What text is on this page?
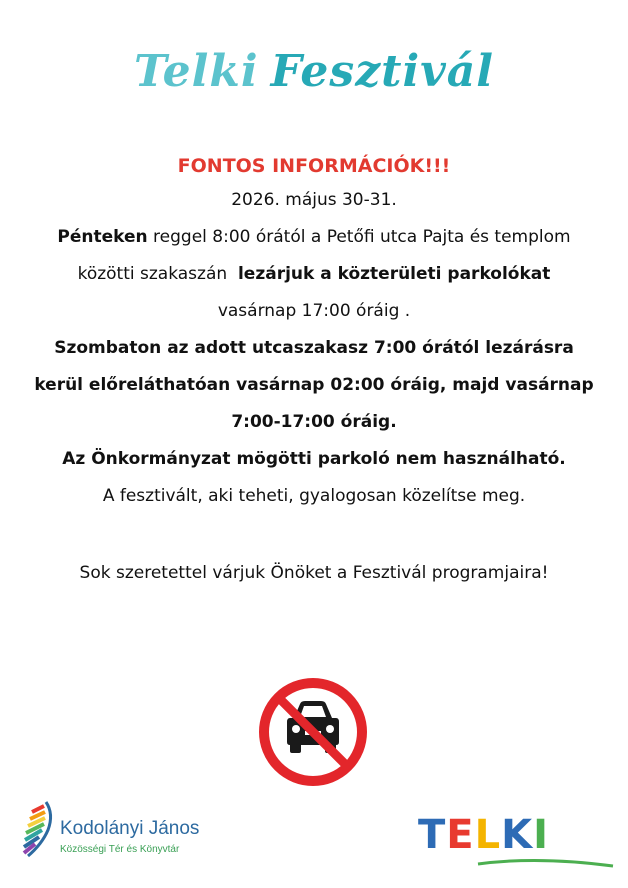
Telki Fesztivál
FONTOS INFORMÁCIÓK!!!
2026. május 30-31.
Pénteken reggel 8:00 órától a Petőfi utca Pajta és templom
közötti szakaszán  lezárjuk a közterületi parkolókat
vasárnap 17:00 óráig .
Szombaton az adott utcaszakasz 7:00 órától lezárásra
kerül előreláthatóan vasárnap 02:00 óráig, majd vasárnap
7:00-17:00 óráig.
Az Önkormányzat mögötti parkoló nem használható.
A fesztivált, aki teheti, gyalogosan közelítse meg.
Sok szeretettel várjuk Önöket a Fesztivál programjaira!
Kodolányi János
Közösségi Tér és Könyvtár	TELKI
